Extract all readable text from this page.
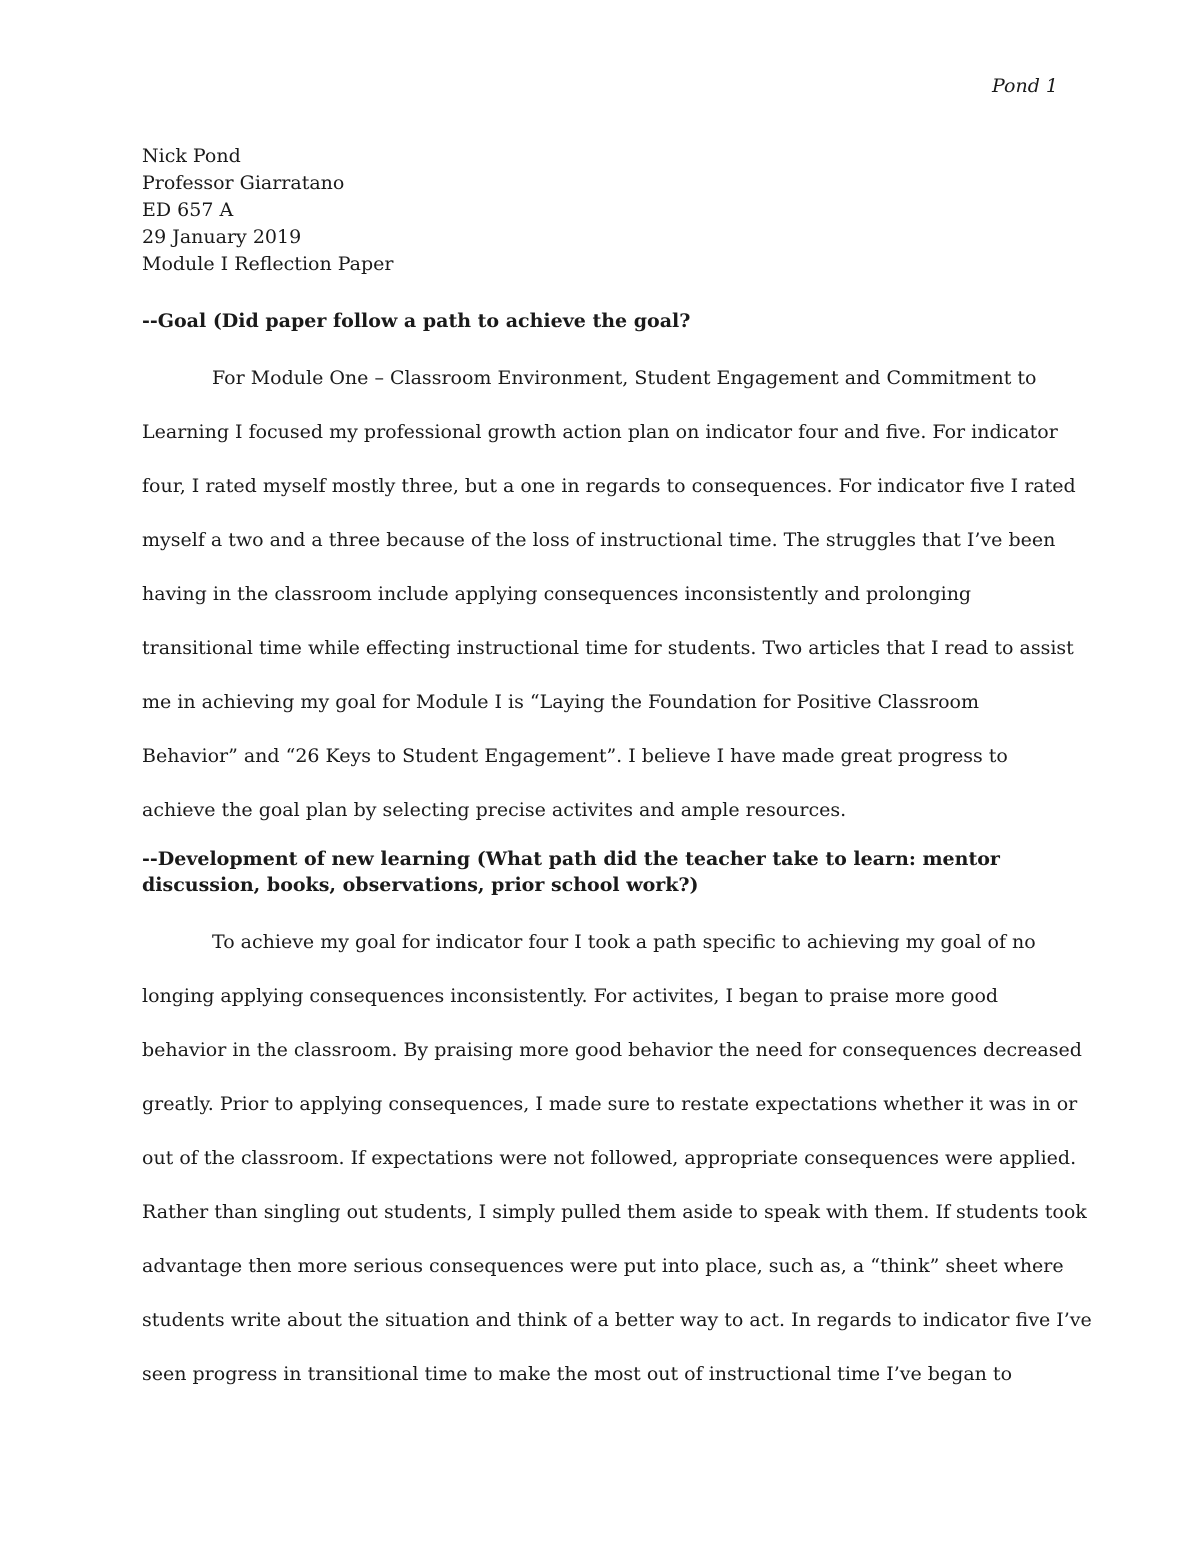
Pond 1
Nick Pond
Professor Giarratano
ED 657 A
29 January 2019
Module I Reflection Paper
--Goal (Did paper follow a path to achieve the goal?
For Module One – Classroom Environment, Student Engagement and Commitment to
Learning I focused my professional growth action plan on indicator four and five. For indicator
four, I rated myself mostly three, but a one in regards to consequences. For indicator five I rated
myself a two and a three because of the loss of instructional time. The struggles that I’ve been
having in the classroom include applying consequences inconsistently and prolonging
transitional time while effecting instructional time for students. Two articles that I read to assist
me in achieving my goal for Module I is “Laying the Foundation for Positive Classroom
Behavior” and “26 Keys to Student Engagement”. I believe I have made great progress to
achieve the goal plan by selecting precise activites and ample resources.
--Development of new learning (What path did the teacher take to learn: mentor
discussion, books, observations, prior school work?)
To achieve my goal for indicator four I took a path specific to achieving my goal of no
longing applying consequences inconsistently. For activites, I began to praise more good
behavior in the classroom. By praising more good behavior the need for consequences decreased
greatly. Prior to applying consequences, I made sure to restate expectations whether it was in or
out of the classroom. If expectations were not followed, appropriate consequences were applied.
Rather than singling out students, I simply pulled them aside to speak with them. If students took
advantage then more serious consequences were put into place, such as, a “think” sheet where
students write about the situation and think of a better way to act. In regards to indicator five I’ve
seen progress in transitional time to make the most out of instructional time I’ve began to
